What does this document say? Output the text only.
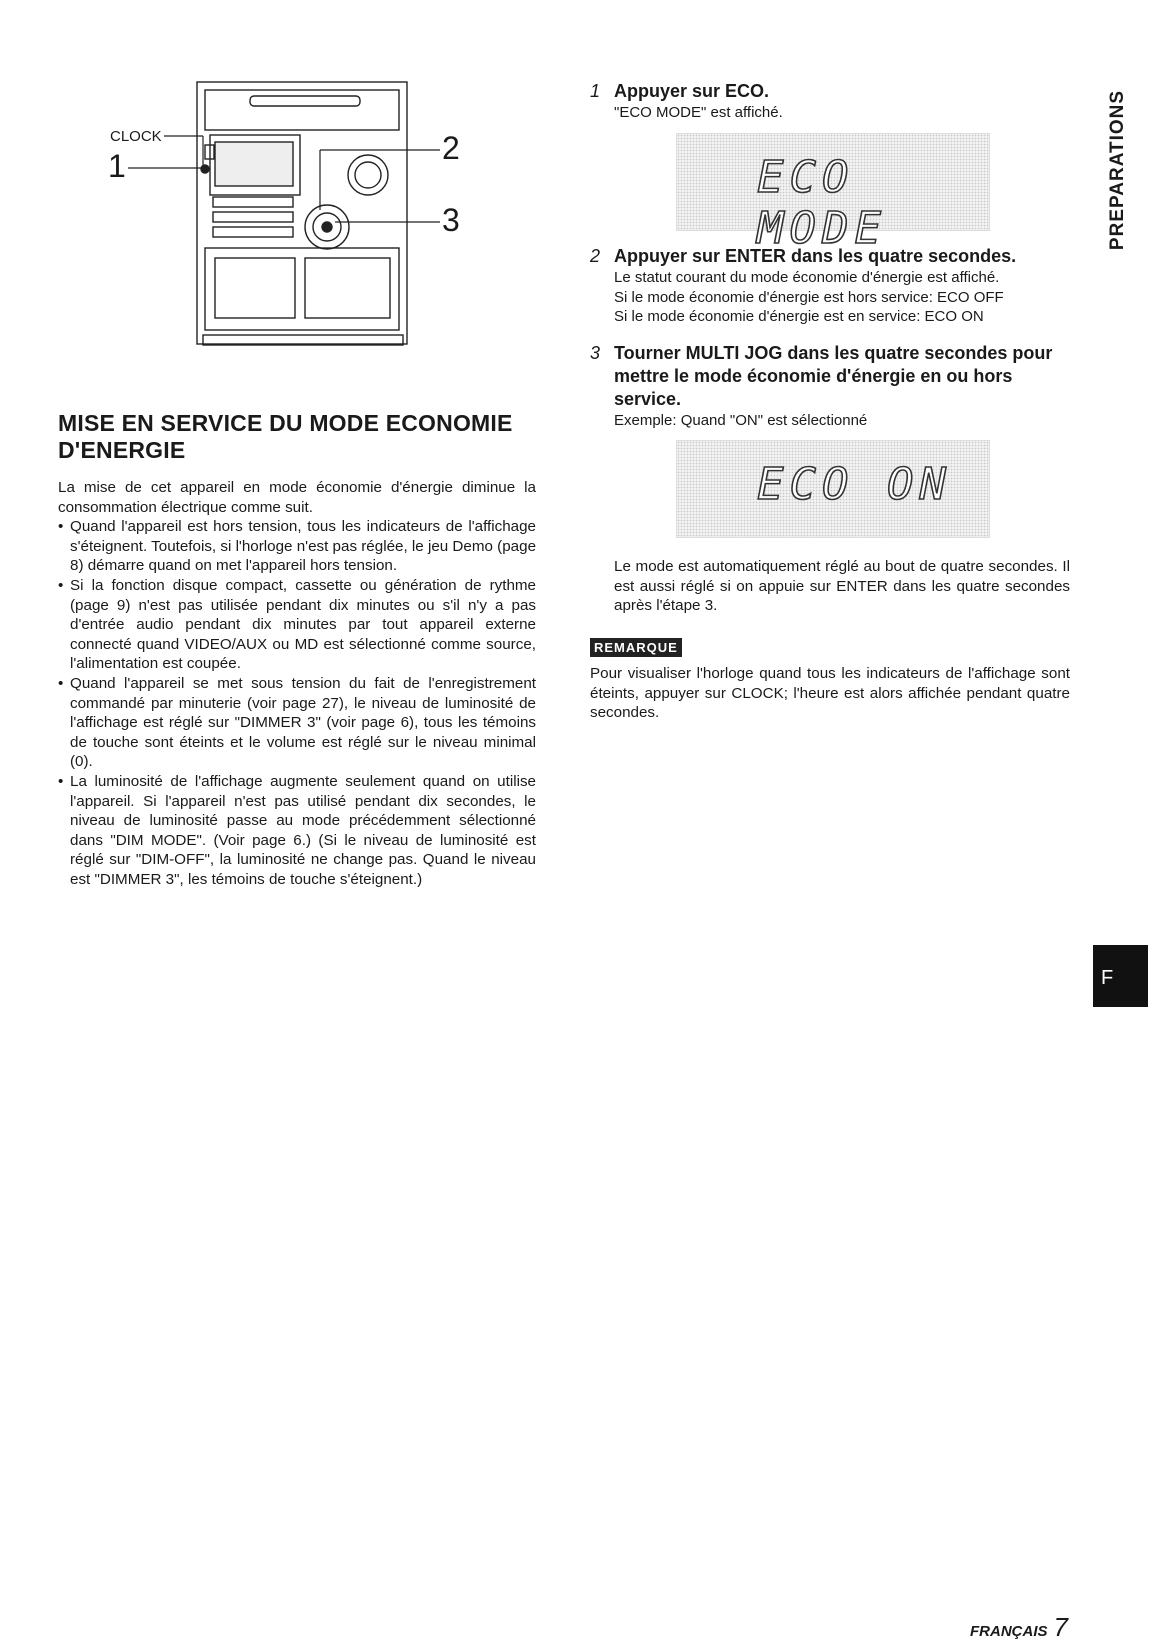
CLOCK
1	2
3
MISE EN SERVICE DU MODE ECONOMIE
D'ENERGIE

La mise de cet appareil en mode économie d'énergie diminue la consommation électrique comme suit.

• Quand l'appareil est hors tension, tous les indicateurs de l'affichage s'éteignent. Toutefois, si l'horloge n'est pas réglée, le jeu Demo (page 8) démarre quand on met l'appareil hors tension.
• Si la fonction disque compact, cassette ou génération de rythme (page 9) n'est pas utilisée pendant dix minutes ou s'il n'y a pas d'entrée audio pendant dix minutes par tout appareil externe connecté quand VIDEO/AUX ou MD est sélectionné comme source, l'alimentation est coupée.
• Quand l'appareil se met sous tension du fait de l'enregistrement commandé par minuterie (voir page 27), le niveau de luminosité de l'affichage est réglé sur "DIMMER 3" (voir page 6), tous les témoins de touche sont éteints et le volume est réglé sur le niveau minimal (0).
• La luminosité de l'affichage augmente seulement quand on utilise l'appareil. Si l'appareil n'est pas utilisé pendant dix secondes, le niveau de luminosité passe au mode précédemment sélectionné dans "DIM MODE". (Voir page 6.) (Si le niveau de luminosité est réglé sur "DIM-OFF", la luminosité ne change pas. Quand le niveau est "DIMMER 3", les témoins de touche s'éteignent.)
1 Appuyer sur ECO.
"ECO MODE" est affiché.
ECO MODE
2 Appuyer sur ENTER dans les quatre secondes.
Le statut courant du mode économie d'énergie est affiché.
Si le mode économie d'énergie est hors service: ECO OFF
Si le mode économie d'énergie est en service: ECO ON
3 Tourner MULTI JOG dans les quatre secondes pour mettre le mode économie d'énergie en ou hors service.
Exemple: Quand "ON" est sélectionné
ECO ON
Le mode est automatiquement réglé au bout de quatre secondes. Il est aussi réglé si on appuie sur ENTER dans les quatre secondes après l'étape 3.
REMARQUE
Pour visualiser l'horloge quand tous les indicateurs de l'affichage sont éteints, appuyer sur CLOCK; l'heure est alors affichée pendant quatre secondes.
PREPARATIONS
F
FRANÇAIS 7
